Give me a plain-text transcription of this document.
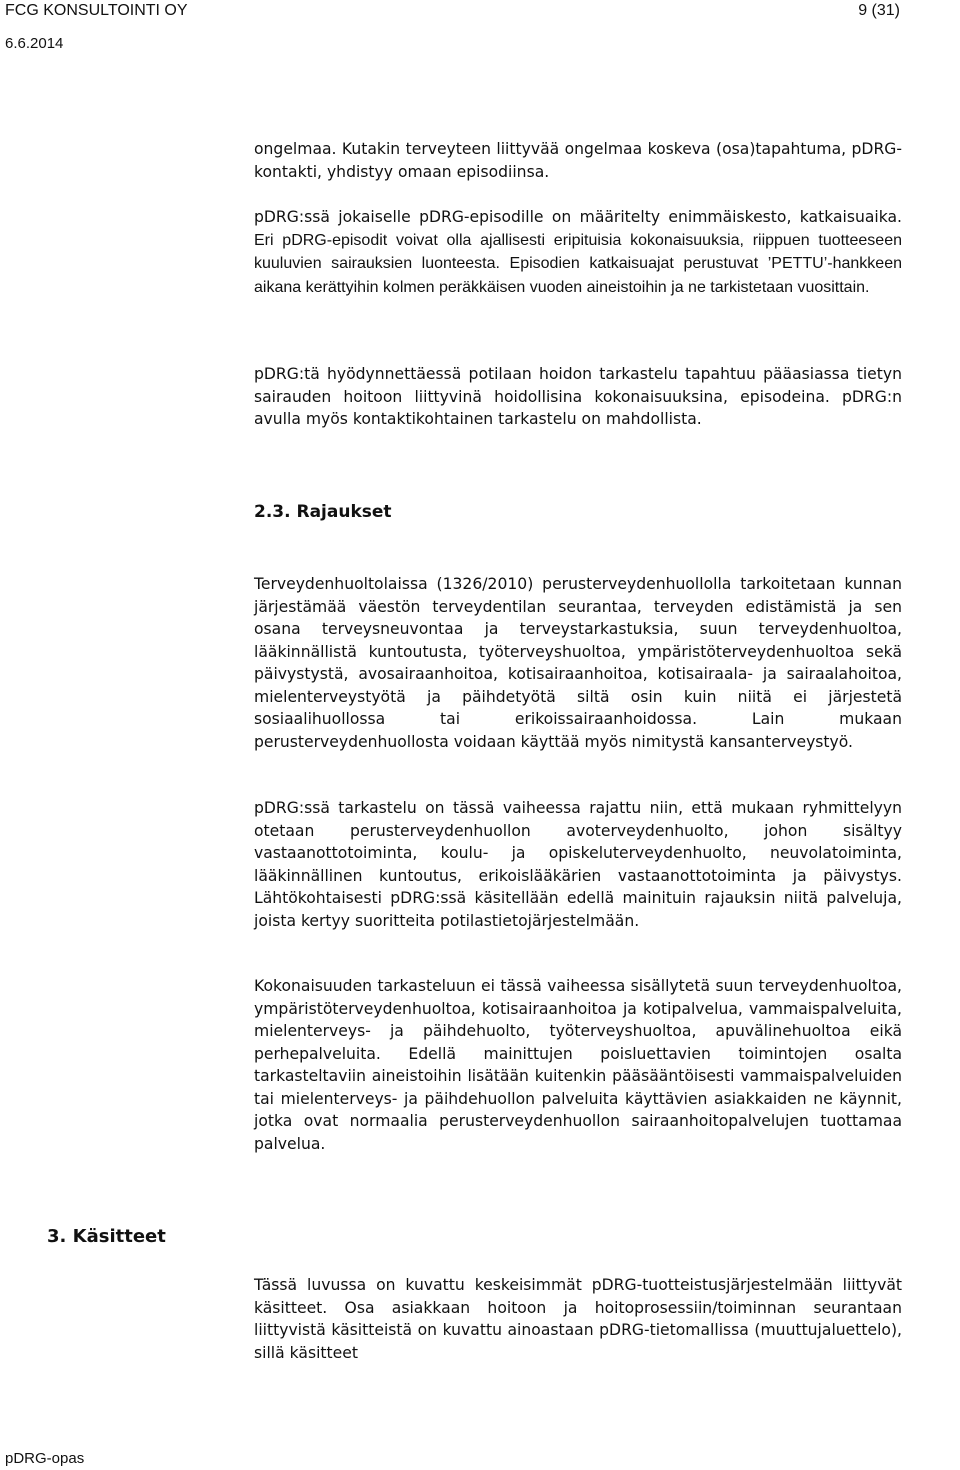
FCG KONSULTOINTI OY
6.6.2014
9 (31)

ongelmaa. Kutakin terveyteen liittyvää ongelmaa koskeva (osa)tapahtuma, pDRG-kontakti, yhdistyy omaan episodiinsa.

pDRG:ssä jokaiselle pDRG-episodille on määritelty enimmäiskesto, katkaisuaika. Eri pDRG-episodit voivat olla ajallisesti eripituisia kokonaisuuksia, riippuen tuotteeseen kuuluvien sairauksien luonteesta. Episodien katkaisuajat perustuvat ’PETTU’-hankkeen aikana kerättyihin kolmen peräkkäisen vuoden aineistoihin ja ne tarkistetaan vuosittain.

pDRG:tä hyödynnettäessä potilaan hoidon tarkastelu tapahtuu pääasiassa tietyn sairauden hoitoon liittyvinä hoidollisina kokonaisuuksina, episodeina. pDRG:n avulla myös kontaktikohtainen tarkastelu on mahdollista.

2.3. Rajaukset

Terveydenhuoltolaissa (1326/2010) perusterveydenhuollolla tarkoitetaan kunnan järjestämää väestön terveydentilan seurantaa, terveyden edistämistä ja sen osana terveysneuvontaa ja terveystarkastuksia, suun terveydenhuoltoa, lääkinnällistä kuntoutusta, työterveyshuoltoa, ympäristöterveydenhuoltoa sekä päivystystä, avosairaanhoitoa, kotisairaanhoitoa, kotisairaala- ja sairaalahoitoa, mielenterveystyötä ja päihdetyötä siltä osin kuin niitä ei järjestetä sosiaalihuollossa tai erikoissairaanhoidossa. Lain mukaan perusterveydenhuollosta voidaan käyttää myös nimitystä kansanterveystyö.

pDRG:ssä tarkastelu on tässä vaiheessa rajattu niin, että mukaan ryhmittelyyn otetaan perusterveydenhuollon avoterveydenhuolto, johon sisältyy vastaanottotoiminta, koulu- ja opiskeluterveydenhuolto, neuvolatoiminta, lääkinnällinen kuntoutus, erikoislääkärien vastaanottotoiminta ja päivystys. Lähtökohtaisesti pDRG:ssä käsitellään edellä mainituin rajauksin niitä palveluja, joista kertyy suoritteita potilastietojärjestelmään.

Kokonaisuuden tarkasteluun ei tässä vaiheessa sisällytetä suun terveydenhuoltoa, ympäristöterveydenhuoltoa, kotisairaanhoitoa ja kotipalvelua, vammaispalveluita, mielenterveys- ja päihdehuolto, työterveyshuoltoa, apuvälinehuoltoa eikä perhepalveluita. Edellä mainittujen poisluettavien toimintojen osalta tarkasteltaviin aineistoihin lisätään kuitenkin pääsääntöisesti vammaispalveluiden tai mielenterveys- ja päihdehuollon palveluita käyttävien asiakkaiden ne käynnit, jotka ovat normaalia perusterveydenhuollon sairaanhoitopalvelujen tuottamaa palvelua.

3. Käsitteet

Tässä luvussa on kuvattu keskeisimmät pDRG-tuotteistusjärjestelmään liittyvät käsitteet. Osa asiakkaan hoitoon ja hoitoprosessiin/toiminnan seurantaan liittyvistä käsitteistä on kuvattu ainoastaan pDRG-tietomallissa (muuttujaluettelo), sillä käsitteet

pDRG-opas
